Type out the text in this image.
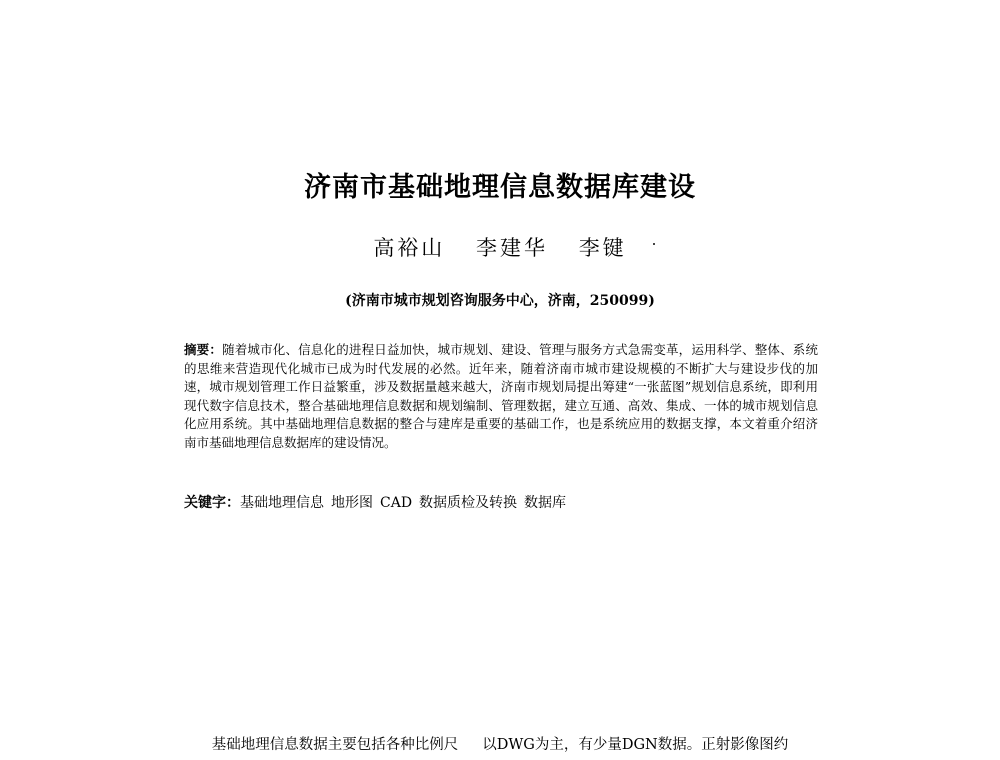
济南市基础地理信息数据库建设
高裕山 李建华 李键
(济南市城市规划咨询服务中心，济南，250099)
摘要：随着城市化、信息化的进程日益加快，城市规划、建设、管理与服务方式急需变革，运用科学、整体、系统的思维来营造现代化城市已成为时代发展的必然。近年来，随着济南市城市建设规模的不断扩大与建设步伐的加速，城市规划管理工作日益繁重，涉及数据量越来越大，济南市规划局提出筹建“一张蓝图”规划信息系统，即利用现代数字信息技术，整合基础地理信息数据和规划编制、管理数据，建立互通、高效、集成、一体的城市规划信息化应用系统。其中基础地理信息数据的整合与建库是重要的基础工作，也是系统应用的数据支撑，本文着重介绍济南市基础地理信息数据库的建设情况。
关键字：基础地理信息 地形图 CAD 数据质检及转换 数据库
基础地理信息数据主要包括各种比例尺 以DWG为主，有少量DGN数据。正射影像图约
